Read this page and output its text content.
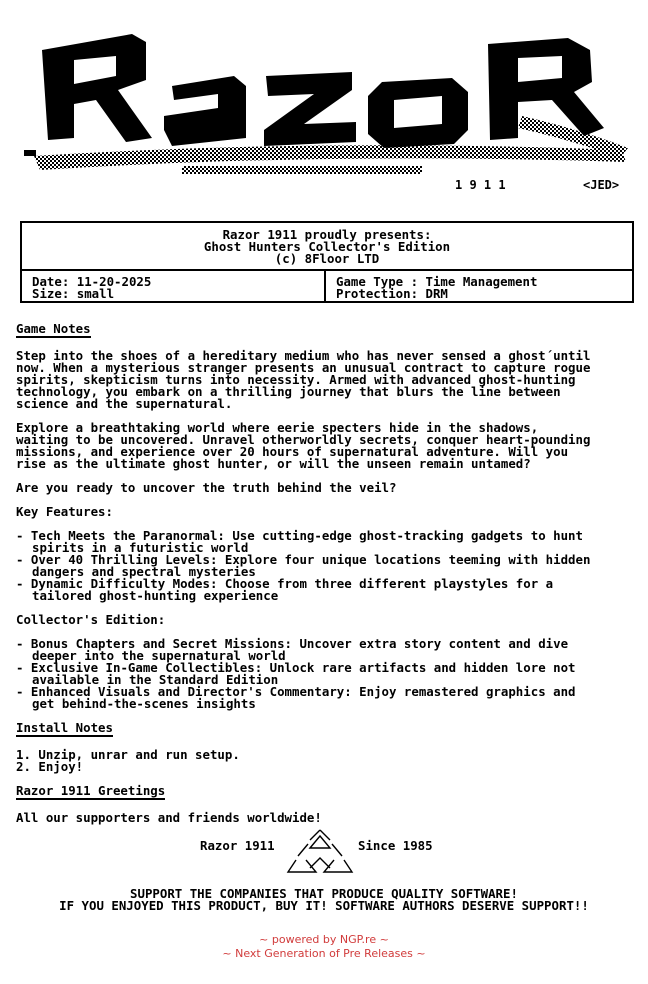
1 9 1 1	<JED>
Razor 1911 proudly presents:
Ghost Hunters Collector's Edition
(c) 8Floor LTD
Date: 11-20-2025
Size: small
Game Type : Time Management
Protection: DRM
Game Notes

Step into the shoes of a hereditary medium who has never sensed a ghost´until
now. When a mysterious stranger presents an unusual contract to capture rogue
spirits, skepticism turns into necessity. Armed with advanced ghost-hunting
technology, you embark on a thrilling journey that blurs the line between
science and the supernatural.

Explore a breathtaking world where eerie specters hide in the shadows,
waiting to be uncovered. Unravel otherworldly secrets, conquer heart-pounding
missions, and experience over 20 hours of supernatural adventure. Will you
rise as the ultimate ghost hunter, or will the unseen remain untamed?

Are you ready to uncover the truth behind the veil?

Key Features:

- Tech Meets the Paranormal: Use cutting-edge ghost-tracking gadgets to hunt
spirits in a futuristic world
- Over 40 Thrilling Levels: Explore four unique locations teeming with hidden
dangers and spectral mysteries
- Dynamic Difficulty Modes: Choose from three different playstyles for a
tailored ghost-hunting experience

Collector's Edition:

- Bonus Chapters and Secret Missions: Uncover extra story content and dive
deeper into the supernatural world
- Exclusive In-Game Collectibles: Unlock rare artifacts and hidden lore not
available in the Standard Edition
- Enhanced Visuals and Director's Commentary: Enjoy remastered graphics and
get behind-the-scenes insights
Install Notes
1. Unzip, unrar and run setup.
2. Enjoy!
Razor 1911 Greetings
All our supporters and friends worldwide!
Razor 1911	Since 1985
SUPPORT THE COMPANIES THAT PRODUCE QUALITY SOFTWARE!
IF YOU ENJOYED THIS PRODUCT, BUY IT! SOFTWARE AUTHORS DESERVE SUPPORT!!
~ powered by NGP.re ~
~ Next Generation of Pre Releases ~
